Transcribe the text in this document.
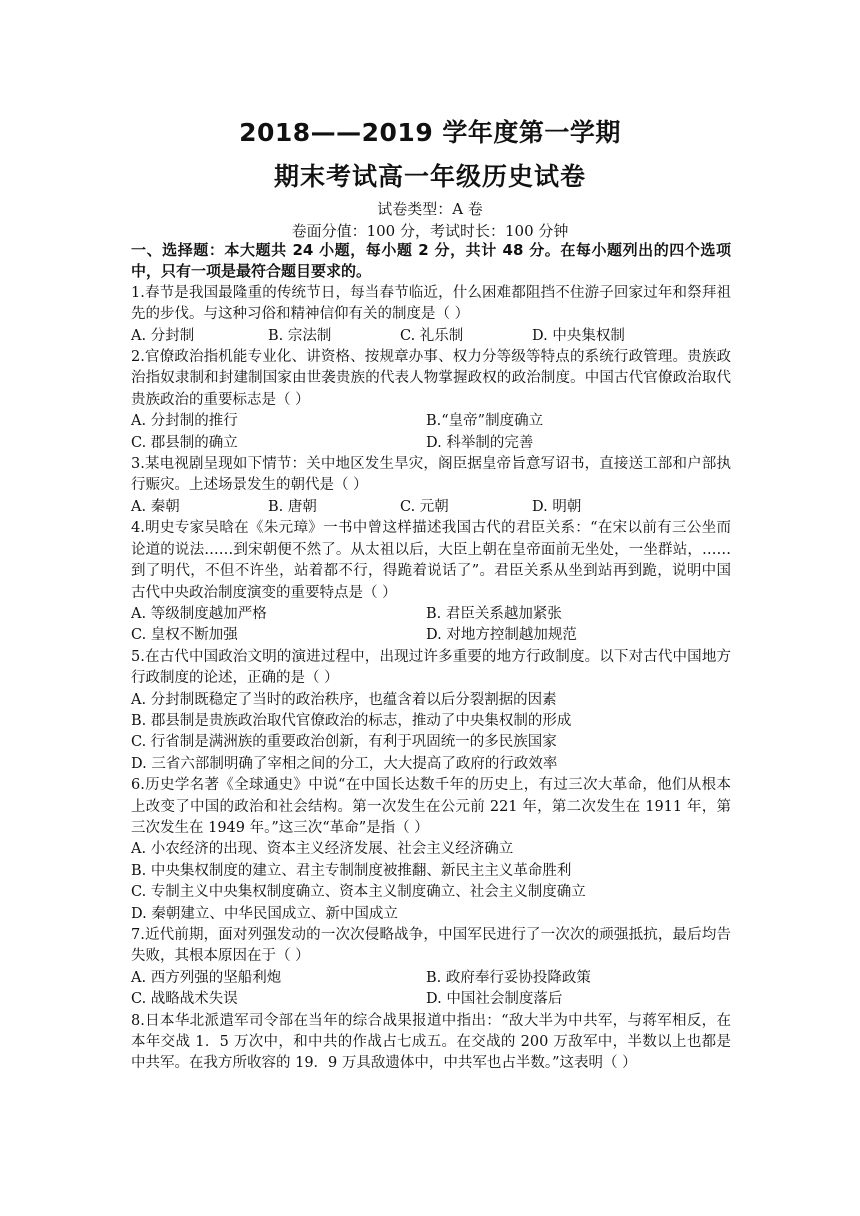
2018——2019 学年度第一学期
期末考试高一年级历史试卷
试卷类型：A 卷
卷面分值：100 分，考试时长：100 分钟
一、选择题：本大题共 24 小题，每小题 2 分，共计 48 分。在每小题列出的四个选项中，只有一项是最符合题目要求的。
1.春节是我国最隆重的传统节日，每当春节临近，什么困难都阻挡不住游子回家过年和祭拜祖先的步伐。与这种习俗和精神信仰有关的制度是（ ）
A. 分封制	B. 宗法制	C. 礼乐制	D. 中央集权制
2.官僚政治指机能专业化、讲资格、按规章办事、权力分等级等特点的系统行政管理。贵族政治指奴隶制和封建制国家由世袭贵族的代表人物掌握政权的政治制度。中国古代官僚政治取代贵族政治的重要标志是（ ）
A. 分封制的推行	B.“皇帝”制度确立
C. 郡县制的确立	D. 科举制的完善
3.某电视剧呈现如下情节：关中地区发生旱灾，阁臣据皇帝旨意写诏书，直接送工部和户部执行赈灾。上述场景发生的朝代是（ ）
A. 秦朝	B. 唐朝	C. 元朝	D. 明朝
4.明史专家吴晗在《朱元璋》一书中曾这样描述我国古代的君臣关系：“在宋以前有三公坐而论道的说法……到宋朝便不然了。从太祖以后，大臣上朝在皇帝面前无坐处，一坐群站，……到了明代，不但不许坐，站着都不行，得跪着说话了”。君臣关系从坐到站再到跪，说明中国古代中央政治制度演变的重要特点是（ ）
A. 等级制度越加严格	B. 君臣关系越加紧张
C. 皇权不断加强	D. 对地方控制越加规范
5.在古代中国政治文明的演进过程中，出现过许多重要的地方行政制度。以下对古代中国地方行政制度的论述，正确的是（ ）
A. 分封制既稳定了当时的政治秩序，也蕴含着以后分裂割据的因素
B. 郡县制是贵族政治取代官僚政治的标志，推动了中央集权制的形成
C. 行省制是满洲族的重要政治创新，有利于巩固统一的多民族国家
D. 三省六部制明确了宰相之间的分工，大大提高了政府的行政效率
6.历史学名著《全球通史》中说“在中国长达数千年的历史上，有过三次大革命，他们从根本上改变了中国的政治和社会结构。第一次发生在公元前 221 年，第二次发生在 1911 年，第三次发生在 1949 年。”这三次“革命”是指（ ）
A. 小农经济的出现、资本主义经济发展、社会主义经济确立
B. 中央集权制度的建立、君主专制制度被推翻、新民主主义革命胜利
C. 专制主义中央集权制度确立、资本主义制度确立、社会主义制度确立
D. 秦朝建立、中华民国成立、新中国成立
7.近代前期，面对列强发动的一次次侵略战争，中国军民进行了一次次的顽强抵抗，最后均告失败，其根本原因在于（ ）
A. 西方列强的坚船利炮	B. 政府奉行妥协投降政策
C. 战略战术失误	D. 中国社会制度落后
8.日本华北派遣军司令部在当年的综合战果报道中指出：“敌大半为中共军，与蒋军相反，在本年交战 1．5 万次中，和中共的作战占七成五。在交战的 200 万敌军中，半数以上也都是中共军。在我方所收容的 19．9 万具敌遗体中，中共军也占半数。”这表明（ ）
